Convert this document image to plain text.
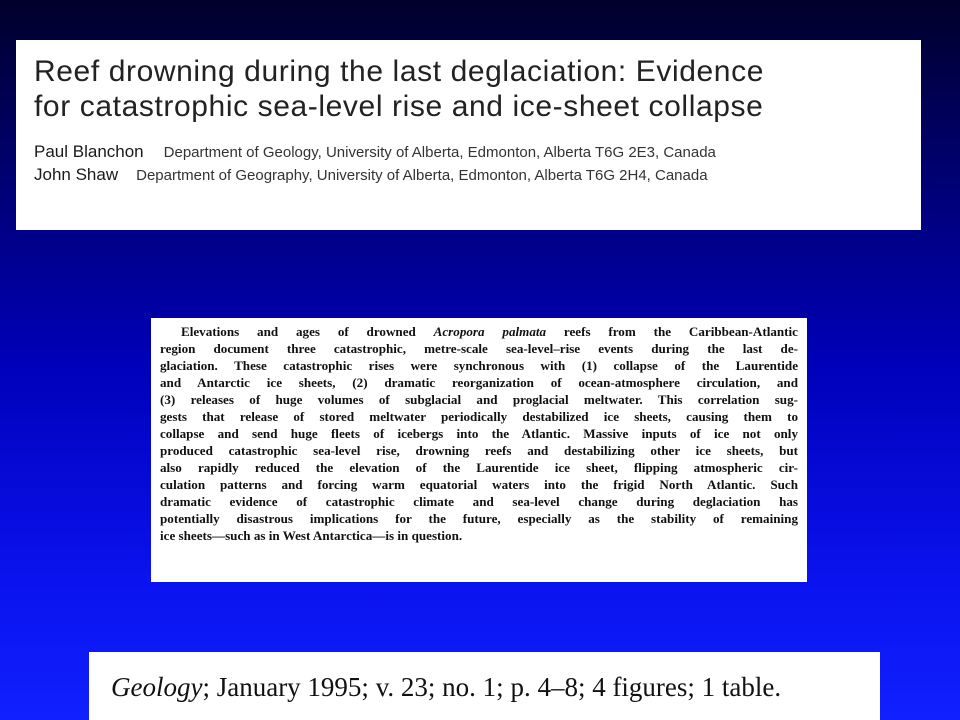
Reef drowning during the last deglaciation: Evidence
for catastrophic sea-level rise and ice-sheet collapse
Paul Blanchon Department of Geology, University of Alberta, Edmonton, Alberta T6G 2E3, Canada
John Shaw Department of Geography, University of Alberta, Edmonton, Alberta T6G 2H4, Canada
Elevations and ages of drowned Acropora palmata reefs from the Caribbean-Atlantic
region document three catastrophic, metre-scale sea-level–rise events during the last de-
glaciation. These catastrophic rises were synchronous with (1) collapse of the Laurentide
and Antarctic ice sheets, (2) dramatic reorganization of ocean-atmosphere circulation, and
(3) releases of huge volumes of subglacial and proglacial meltwater. This correlation sug-
gests that release of stored meltwater periodically destabilized ice sheets, causing them to
collapse and send huge fleets of icebergs into the Atlantic. Massive inputs of ice not only
produced catastrophic sea-level rise, drowning reefs and destabilizing other ice sheets, but
also rapidly reduced the elevation of the Laurentide ice sheet, flipping atmospheric cir-
culation patterns and forcing warm equatorial waters into the frigid North Atlantic. Such
dramatic evidence of catastrophic climate and sea-level change during deglaciation has
potentially disastrous implications for the future, especially as the stability of remaining
ice sheets—such as in West Antarctica—is in question.
Geology; January 1995; v. 23; no. 1; p. 4–8; 4 figures; 1 table.
